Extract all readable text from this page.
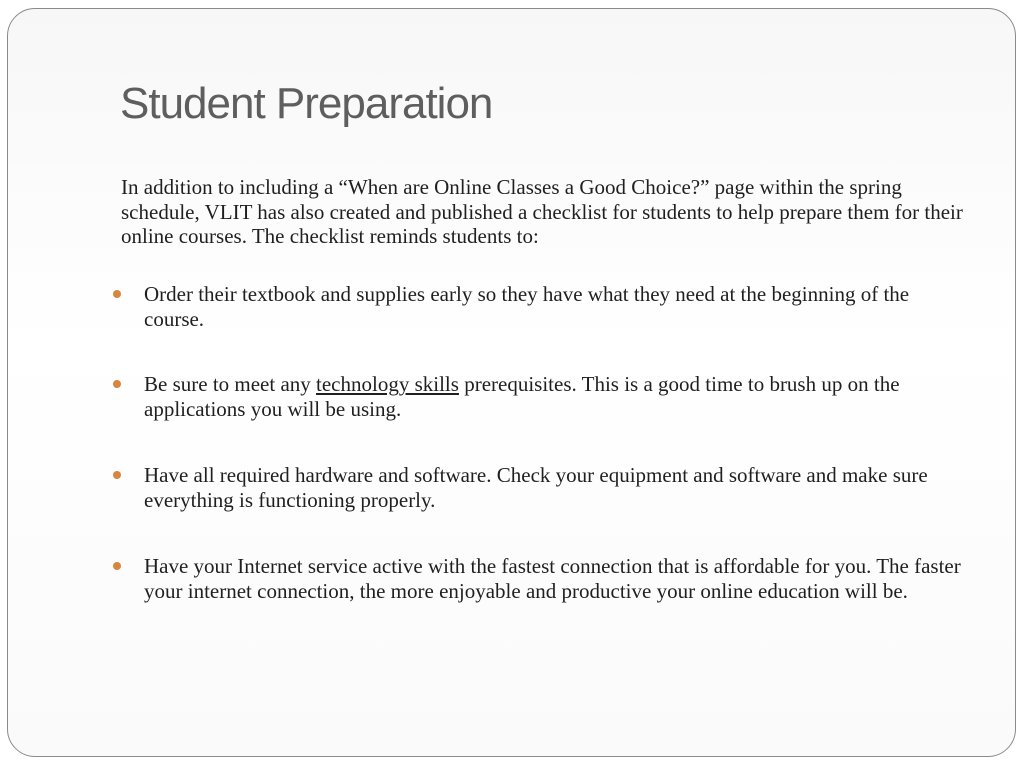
Student Preparation

In addition to including a “When are Online Classes a Good Choice?” page within the spring schedule, VLIT has also created and published a checklist for students to help prepare them for their online courses. The checklist reminds students to:

Order their textbook and supplies early so they have what they need at the beginning of the course.

Be sure to meet any technology skills prerequisites. This is a good time to brush up on the applications you will be using.

Have all required hardware and software. Check your equipment and software and make sure everything is functioning properly.

Have your Internet service active with the fastest connection that is affordable for you. The faster your internet connection, the more enjoyable and productive your online education will be.
